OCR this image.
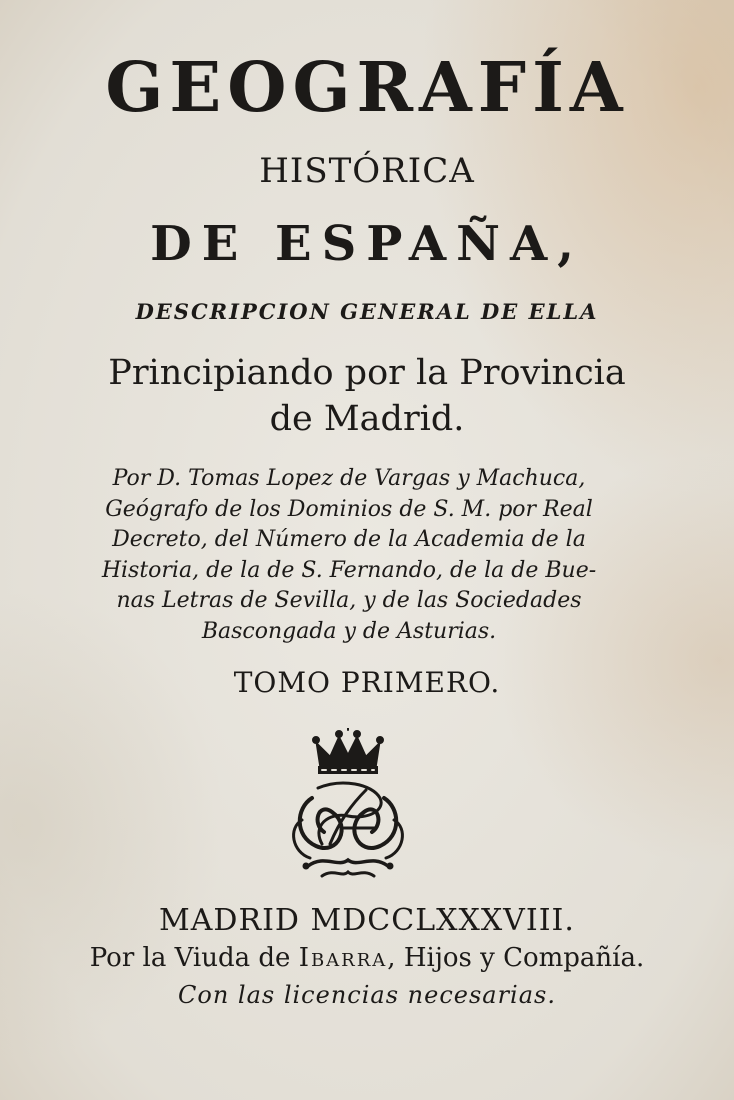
GEOGRAFÍA
HISTÓRICA
DE ESPAÑA,
DESCRIPCION GENERAL DE ELLA
Principiando por la Provincia
de Madrid.
Por D. Tomas Lopez de Vargas y Machuca,
Geógrafo de los Dominios de S. M. por Real
Decreto, del Número de la Academia de la
Historia, de la de S. Fernando, de la de Bue-
nas Letras de Sevilla, y de las Sociedades
Bascongada y de Asturias.
TOMO PRIMERO.
MADRID MDCCLXXXVIII.
Por la Viuda de Ibarra, Hijos y Compañía.
Con las licencias necesarias.
